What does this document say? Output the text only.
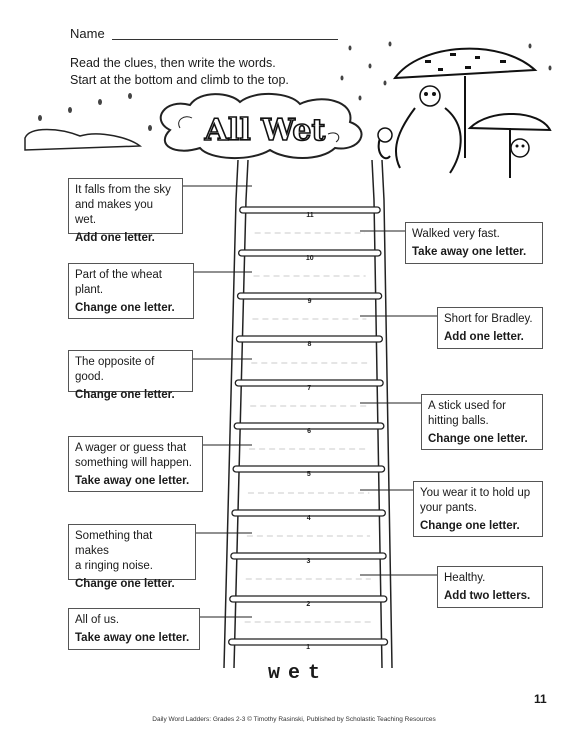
Name
Read the clues, then write the words.
Start at the bottom and climb to the top.
All Wet
11
10
9
8
7
6
5
4
3
2
1
It falls from the sky
and makes you wet.
Add one letter.	Walked very fast.
Take away one letter.
Part of the wheat
plant.
Change one letter.
Short for Bradley.
Add one letter.
The opposite of good.
Change one letter.
A stick used for
hitting balls.
Change one letter.
A wager or guess that
something will happen.
Take away one letter.
You wear it to hold up
your pants.
Change one letter.
Something that makes
a ringing noise.
Change one letter.	Healthy.
Add two letters.
All of us.
Take away one letter.
wet
11
Daily Word Ladders: Grades 2-3 © Timothy Rasinski, Published by Scholastic Teaching Resources
